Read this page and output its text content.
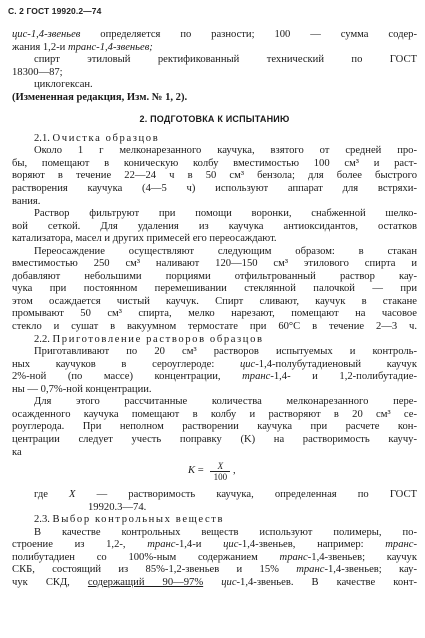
С. 2 ГОСТ 19920.2—74

цис-1,4-звеньев определяется по разности; 100 — сумма содер-
жания 1,2-и транс-1,4-звеньев;
спирт этиловый ректификованный технический по ГОСТ
18300—87;
циклогексан.
(Измененная редакция, Изм. № 1, 2).

2. ПОДГОТОВКА К ИСПЫТАНИЮ

2.1. Очистка образцов

Около 1 г мелконарезанного каучука, взятого от средней про-
бы, помещают в коническую колбу вместимостью 100 см³ и раст-
воряют в течение 22—24 ч в 50 см³ бензола; для более быстрого
растворения каучука (4—5 ч) используют аппарат для встряхи-
вания.

Раствор фильтруют при помощи воронки, снабженной шелко-
вой сеткой. Для удаления из каучука антиоксидантов, остатков
катализатора, масел и других примесей его переосаждают.

Переосаждение осуществляют следующим образом: в стакан
вместимостью 250 см³ наливают 120—150 см³ этилового спирта и
добавляют небольшими порциями отфильтрованный раствор кау-
чука при постоянном перемешивании стеклянной палочкой — при
этом осаждается чистый каучук. Спирт сливают, каучук в стакане
промывают 50 см³ спирта, мелко нарезают, помещают на часовое
стекло и сушат в вакуумном термостате при 60°С в течение 2—3 ч.

2.2. Приготовление растворов образцов

Приготавливают по 20 см³ растворов испытуемых и контроль-
ных каучуков в сероуглероде: цис-1,4-полубутадиеновый каучук
2%-ной (по массе) концентрации, транс-1,4- и 1,2-полибутадие-
ны — 0,7%-ной концентрации.

Для этого рассчитанные количества мелконарезанного пере-
осажденного каучука помещают в колбу и растворяют в 20 см³ се-
роуглерода. При неполном растворении каучука при расчете кон-
центрации следует учесть поправку (K) на растворимость каучу-
ка

$K = \frac{X}{100}$ ,

где X — растворимость каучука, определенная по ГОСТ
19920.3—74.

2.3. Выбор контрольных веществ

В качестве контрольных веществ используют полимеры, по-
строение из 1,2-, транс-1,4-и цис-1,4-звеньев, например: транс-
полибутадиен со 100%-ным содержанием транс-1,4-звеньев; каучук
СКБ, состоящий из 85%-1,2-звеньев и 15% транс-1,4-звеньев; кау-
чук СКД, содержащий 90—97% цис-1,4-звеньев. В качестве конт-
